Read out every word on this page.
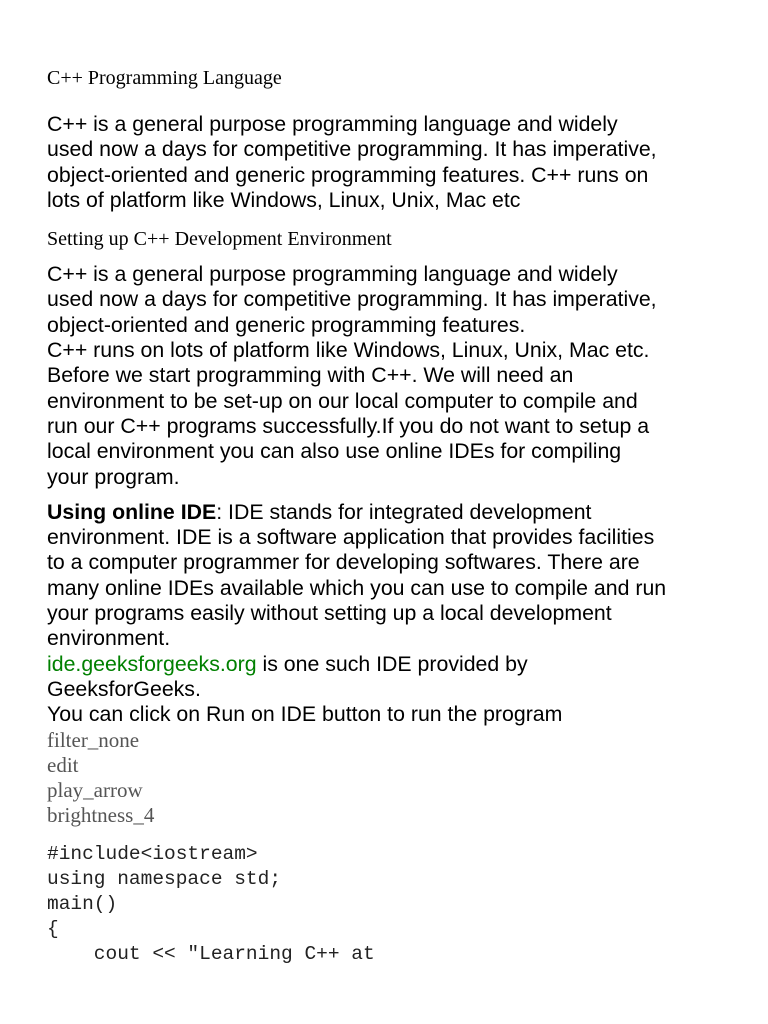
C++ Programming Language

C++ is a general purpose programming language and widely
used now a days for competitive programming. It has imperative,
object-oriented and generic programming features. C++ runs on
lots of platform like Windows, Linux, Unix, Mac etc

Setting up C++ Development Environment

C++ is a general purpose programming language and widely
used now a days for competitive programming. It has imperative,
object-oriented and generic programming features.
C++ runs on lots of platform like Windows, Linux, Unix, Mac etc.
Before we start programming with C++. We will need an
environment to be set-up on our local computer to compile and
run our C++ programs successfully.If you do not want to setup a
local environment you can also use online IDEs for compiling
your program.

Using online IDE: IDE stands for integrated development
environment. IDE is a software application that provides facilities
to a computer programmer for developing softwares. There are
many online IDEs available which you can use to compile and run
your programs easily without setting up a local development
environment.
ide.geeksforgeeks.org is one such IDE provided by
GeeksforGeeks.
You can click on Run on IDE button to run the program

filter_none
edit
play_arrow
brightness_4
#include<iostream>
using namespace std;
main()
{
cout << "Learning C++ at
